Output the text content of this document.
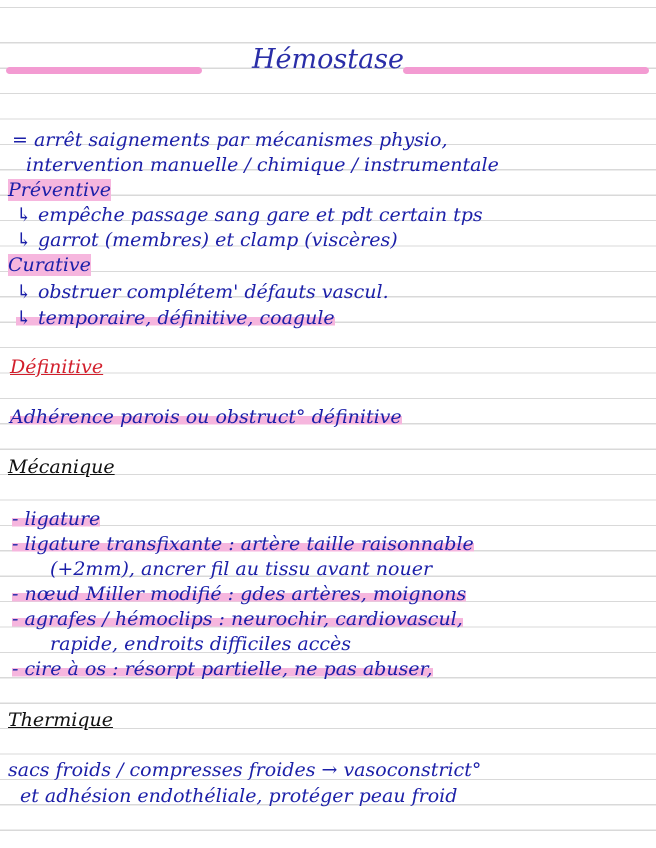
Hémostase
= arrêt saignements par mécanismes physio,
intervention manuelle / chimique / instrumentale
Préventive
↳ empêche passage sang gare et pdt certain tps
↳ garrot (membres) et clamp (viscères)
Curative
↳ obstruer complétem' défauts vascul.
↳ temporaire, définitive, coagule
Définitive
Adhérence parois ou obstruct° définitive
Mécanique
- ligature
- ligature transfixante : artère taille raisonnable
(+2mm), ancrer fil au tissu avant nouer
- nœud Miller modifié : gdes artères, moignons
- agrafes / hémoclips : neurochir, cardiovascul,
rapide, endroits difficiles accès
- cire à os : résorpt partielle, ne pas abuser,
Thermique
sacs froids / compresses froides → vasoconstrict°
et adhésion endothéliale, protéger peau froid
